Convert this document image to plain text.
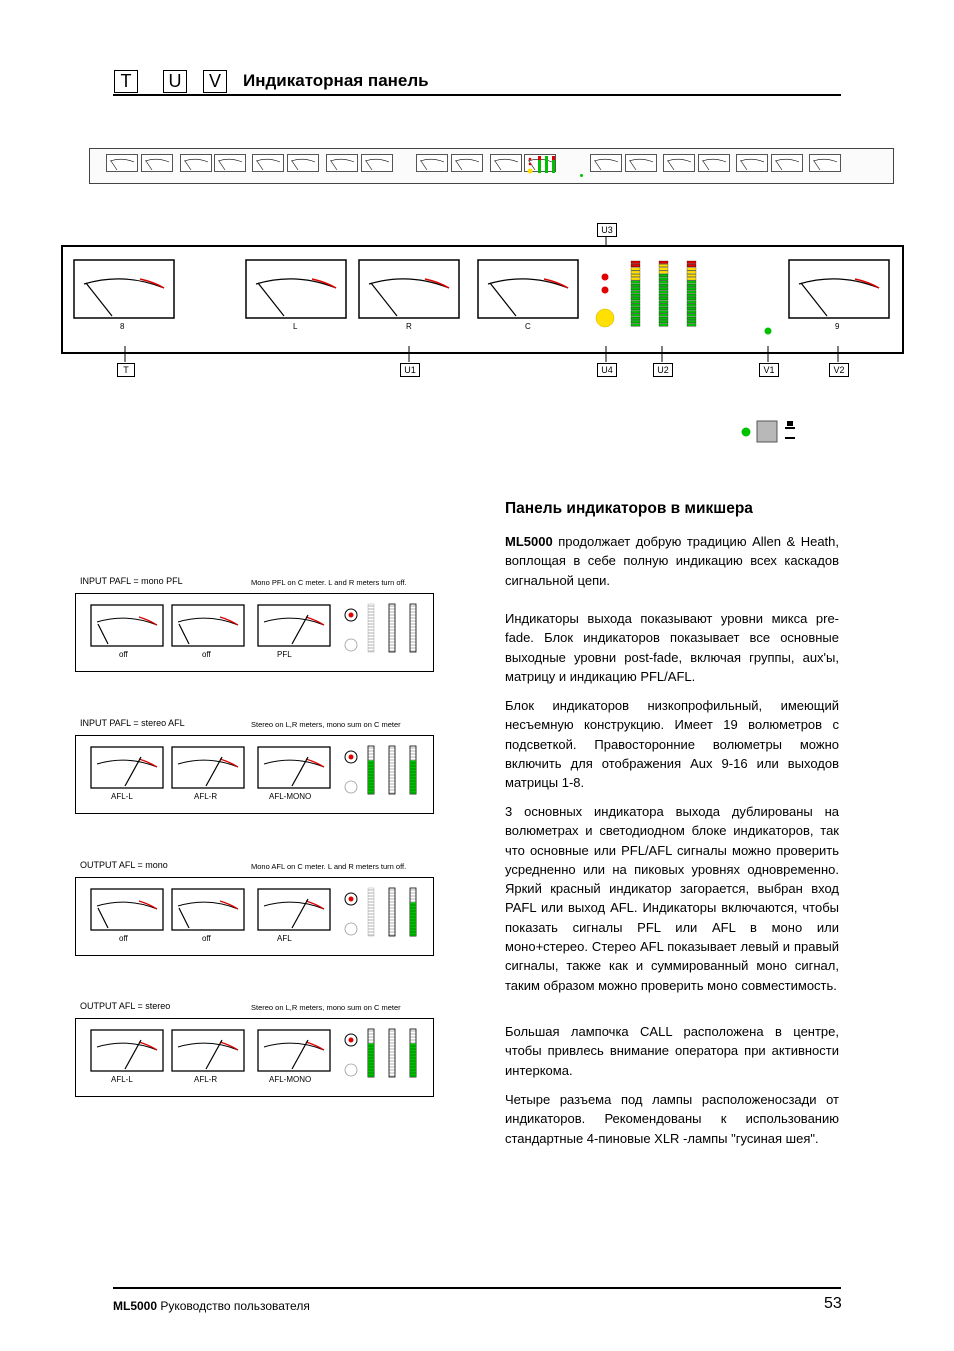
T	U	V	Индикаторная панель
U3
T	U1	U4	U2	V1	V2
8	L	R	C	9
INPUT PAFL = mono PFL	Mono PFL on C meter. L and R meters turn off.
off	off	PFL
INPUT PAFL = stereo AFL	Stereo on L,R meters, mono sum on C meter
AFL-L	AFL-R	AFL-MONO
OUTPUT AFL = mono	Mono AFL on C meter. L and R meters turn off.
off	off	AFL
OUTPUT AFL = stereo	Stereo on L,R meters, mono sum on C meter
AFL-L	AFL-R	AFL-MONO
Панель индикаторов в микшера
ML5000 продолжает добрую традицию Allen & Heath, воплощая в себе полную индикацию всех каскадов сигнальной цепи.
Индикаторы выхода показывают уровни микса pre-fade. Блок индикаторов показывает все основные выходные уровни post-fade, включая группы, aux'ы, матрицу и индикацию PFL/AFL.
Блок индикаторов низкопрофильный, имеющий несъемную конструкцию. Имеет 19 волюметров с подсветкой. Правосторонние волюметры можно включить для отображения Aux 9-16 или выходов матрицы 1-8.
3 основных индикатора выхода дублированы на волюметрах и светодиодном блоке индикаторов, так что основные или PFL/AFL сигналы можно проверить усредненно или на пиковых уровнях одновременно. Яркий красный индикатор загорается, выбран вход PAFL или выход AFL. Индикаторы включаются, чтобы показать сигналы PFL или AFL в моно или моно+стерео. Стерео AFL показывает левый и правый сигналы, также как и суммированный моно сигнал, таким образом можно проверить моно совместимость.
Большая лампочка CALL расположена в центре, чтобы привлесь внимание оператора при активности интеркома.
Четыре разъема под лампы расположеносзади от индикаторов. Рекомендованы к использованию стандартные 4-пиновые XLR -лампы "гусиная шея".
ML5000 Руководство пользователя	53
